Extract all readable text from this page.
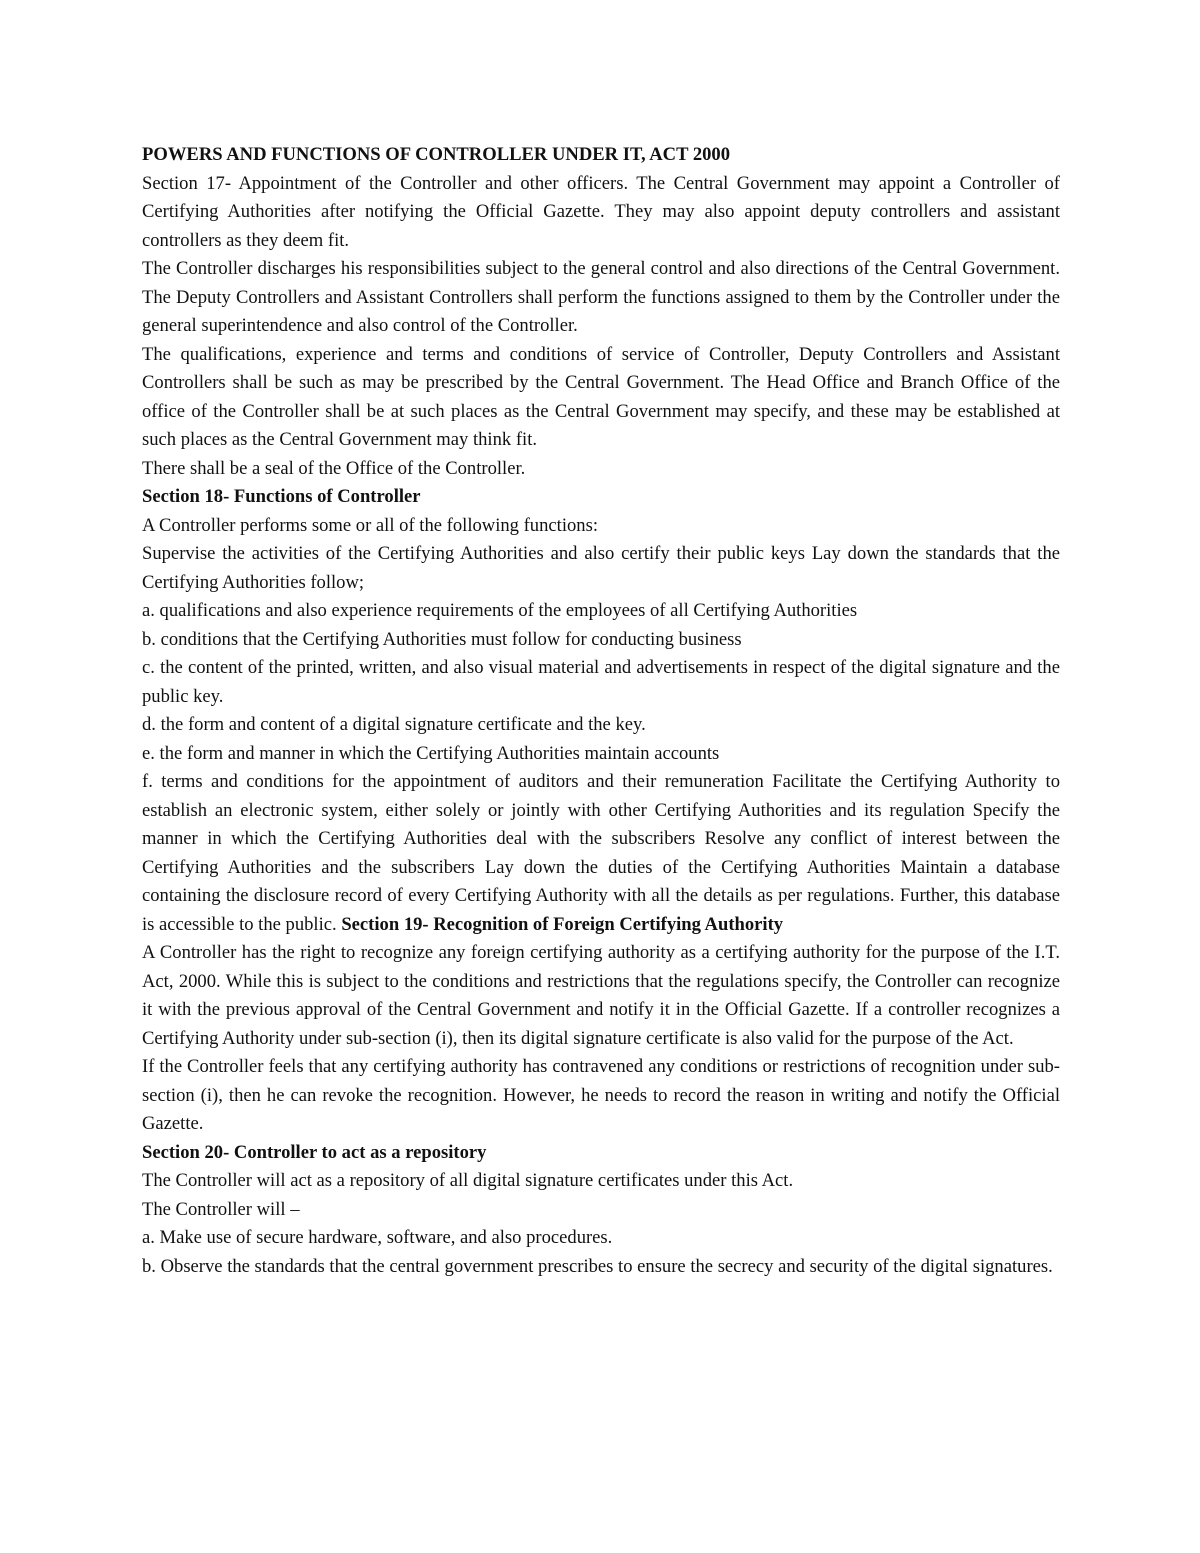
POWERS AND FUNCTIONS OF CONTROLLER UNDER IT, ACT 2000

Section 17- Appointment of the Controller and other officers. The Central Government may appoint a Controller of Certifying Authorities after notifying the Official Gazette. They may also appoint deputy controllers and assistant controllers as they deem fit.

The Controller discharges his responsibilities subject to the general control and also directions of the Central Government. The Deputy Controllers and Assistant Controllers shall perform the functions assigned to them by the Controller under the general superintendence and also control of the Controller.

The qualifications, experience and terms and conditions of service of Controller, Deputy Controllers and Assistant Controllers shall be such as may be prescribed by the Central Government. The Head Office and Branch Office of the office of the Controller shall be at such places as the Central Government may specify, and these may be established at such places as the Central Government may think fit.

There shall be a seal of the Office of the Controller.

Section 18- Functions of Controller

A Controller performs some or all of the following functions:

Supervise the activities of the Certifying Authorities and also certify their public keys Lay down the standards that the Certifying Authorities follow;

a. qualifications and also experience requirements of the employees of all Certifying Authorities

b. conditions that the Certifying Authorities must follow for conducting business

c. the content of the printed, written, and also visual material and advertisements in respect of the digital signature and the public key.

d. the form and content of a digital signature certificate and the key.

e. the form and manner in which the Certifying Authorities maintain accounts

f. terms and conditions for the appointment of auditors and their remuneration Facilitate the Certifying Authority to establish an electronic system, either solely or jointly with other Certifying Authorities and its regulation Specify the manner in which the Certifying Authorities deal with the subscribers Resolve any conflict of interest between the Certifying Authorities and the subscribers Lay down the duties of the Certifying Authorities Maintain a database containing the disclosure record of every Certifying Authority with all the details as per regulations. Further, this database is accessible to the public. Section 19- Recognition of Foreign Certifying Authority

A Controller has the right to recognize any foreign certifying authority as a certifying authority for the purpose of the I.T. Act, 2000. While this is subject to the conditions and restrictions that the regulations specify, the Controller can recognize it with the previous approval of the Central Government and notify it in the Official Gazette. If a controller recognizes a Certifying Authority under sub-section (i), then its digital signature certificate is also valid for the purpose of the Act.

If the Controller feels that any certifying authority has contravened any conditions or restrictions of recognition under sub-section (i), then he can revoke the recognition. However, he needs to record the reason in writing and notify the Official Gazette.

Section 20- Controller to act as a repository

The Controller will act as a repository of all digital signature certificates under this Act.

The Controller will –

a. Make use of secure hardware, software, and also procedures.

b. Observe the standards that the central government prescribes to ensure the secrecy and security of the digital signatures.
